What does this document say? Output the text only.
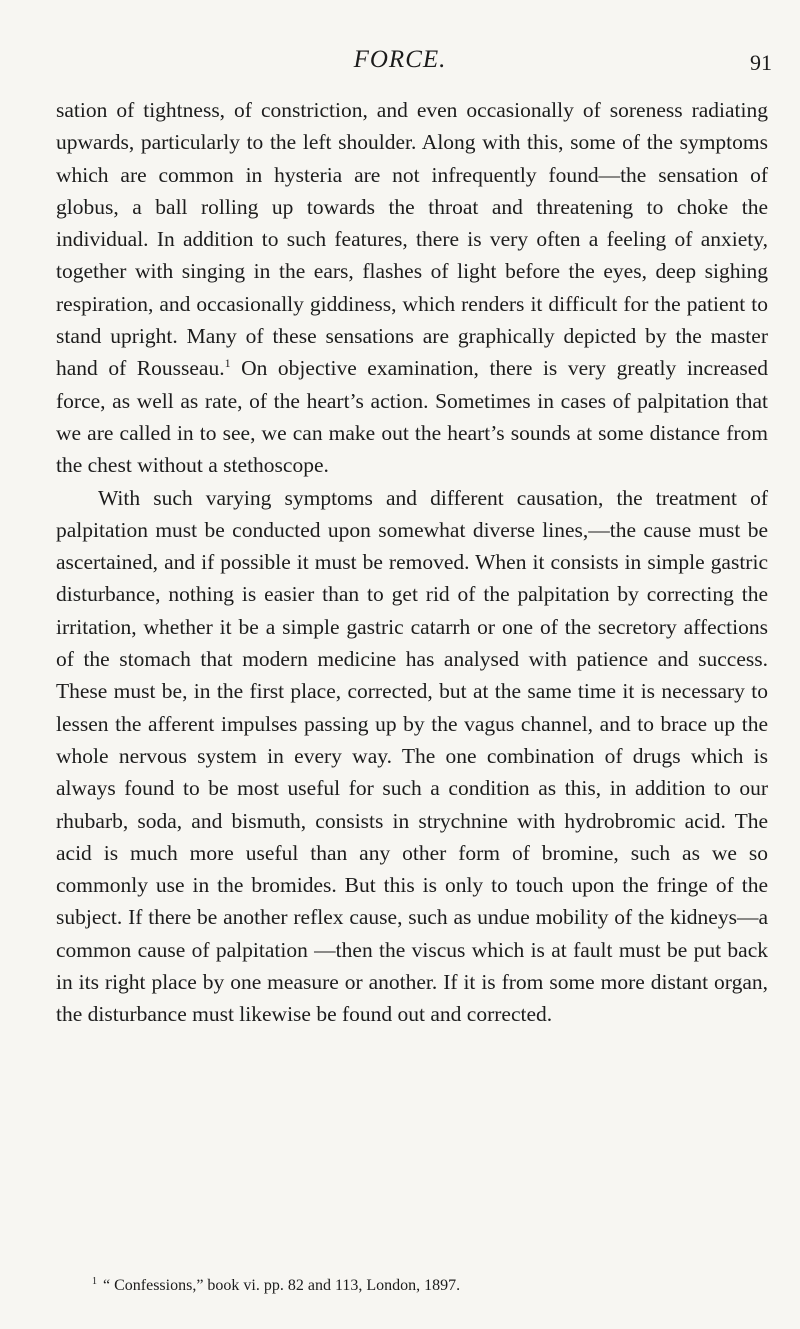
FORCE.	91

sation of tightness, of constriction, and even occasionally of soreness radiating upwards, particularly to the left shoulder. Along with this, some of the symptoms which are common in hysteria are not infrequently found—the sensation of globus, a ball rolling up towards the throat and threatening to choke the individual. In addition to such features, there is very often a feeling of anxiety, together with singing in the ears, flashes of light before the eyes, deep sighing respiration, and occasionally giddiness, which renders it difficult for the patient to stand upright. Many of these sensations are graphically depicted by the master hand of Rousseau.$^1$ On objective examination, there is very greatly increased force, as well as rate, of the heart’s action. Sometimes in cases of palpitation that we are called in to see, we can make out the heart’s sounds at some distance from the chest without a stethoscope.

With such varying symptoms and different causation, the treatment of palpitation must be conducted upon somewhat diverse lines,—the cause must be ascertained, and if possible it must be removed. When it consists in simple gastric disturbance, nothing is easier than to get rid of the palpitation by correcting the irritation, whether it be a simple gastric catarrh or one of the secretory affections of the stomach that modern medicine has analysed with patience and success. These must be, in the first place, corrected, but at the same time it is necessary to lessen the afferent impulses passing up by the vagus channel, and to brace up the whole nervous system in every way. The one combination of drugs which is always found to be most useful for such a condition as this, in addition to our rhubarb, soda, and bismuth, consists in strychnine with hydrobromic acid. The acid is much more useful than any other form of bromine, such as we so commonly use in the bromides. But this is only to touch upon the fringe of the subject. If there be another reflex cause, such as undue mobility of the kidneys—a common cause of palpitation —then the viscus which is at fault must be put back in its right place by one measure or another. If it is from some more distant organ, the disturbance must likewise be found out and corrected.

$^1$ “ Confessions,” book vi. pp. 82 and 113, London, 1897.
